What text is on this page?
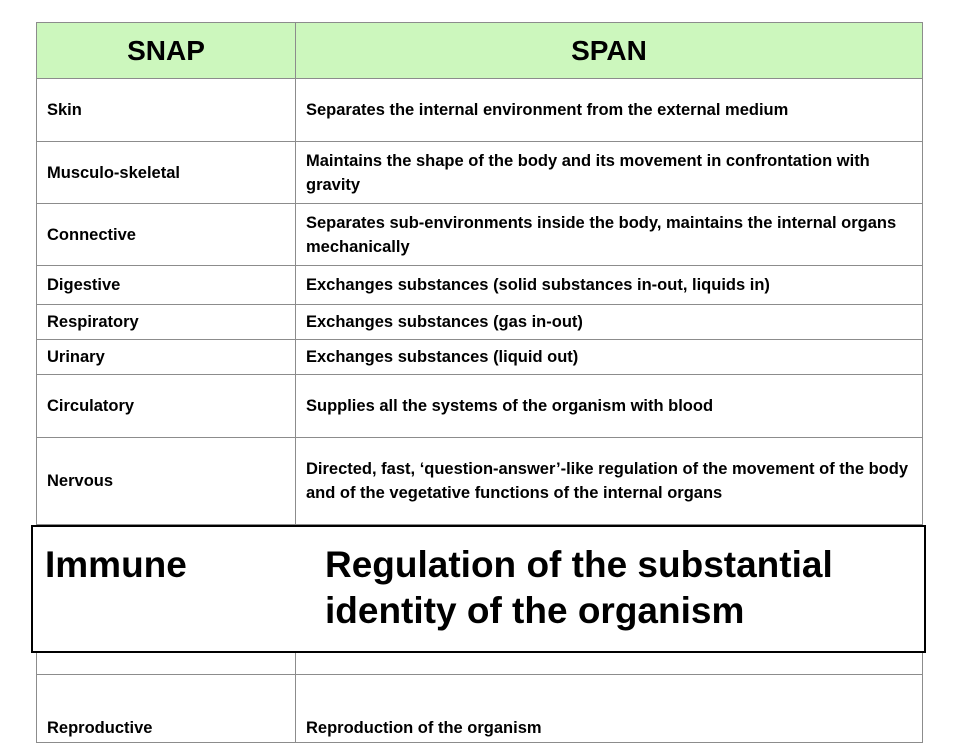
SNAP	SPAN
Skin	Separates the internal environment from the external medium
Musculo-skeletal	Maintains the shape of the body and its movement in confrontation with gravity
Connective	Separates sub-environments inside the body, maintains the internal organs mechanically
Digestive	Exchanges substances (solid substances in-out, liquids in)
Respiratory	Exchanges substances (gas in-out)
Urinary	Exchanges substances (liquid out)
Circulatory	Supplies all the systems of the organism with blood
Nervous	Directed, fast, ‘question-answer’-like regulation of the movement of the body and of the vegetative functions of the internal organs

Reproductive	Reproduction of the organism
Immune	Regulation of the substantial identity of the organism
